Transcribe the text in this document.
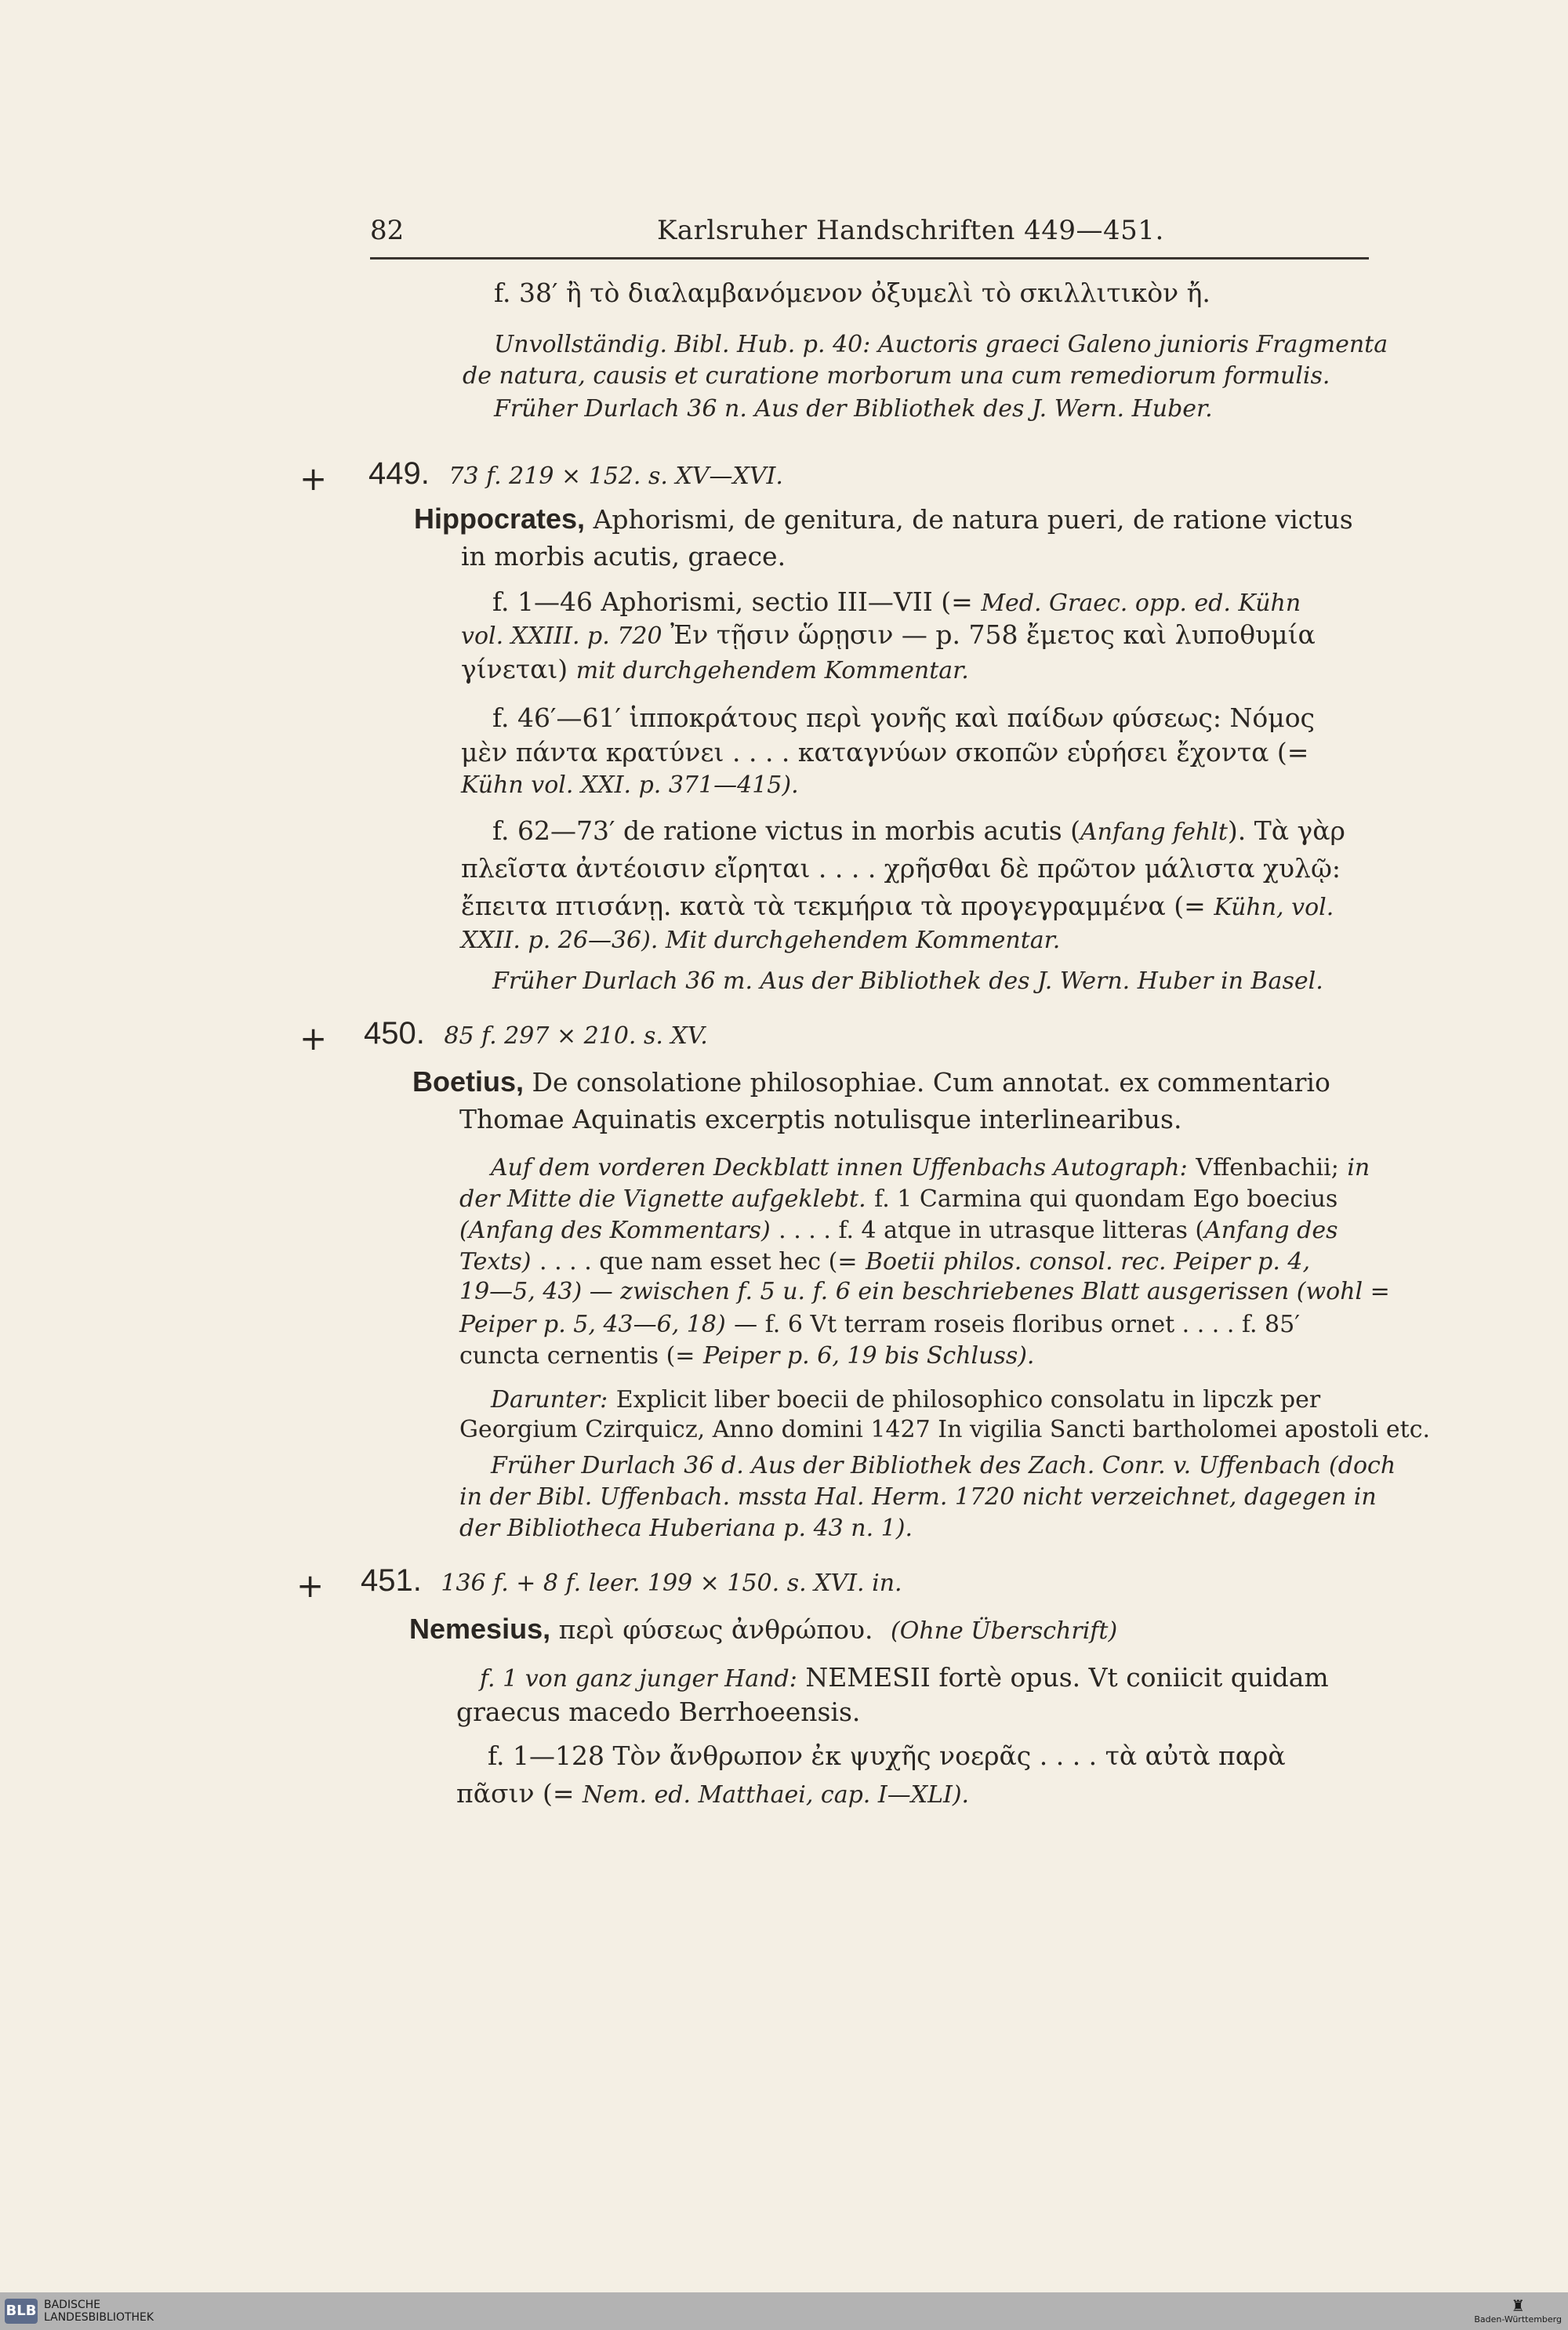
82	Karlsruher Handschriften 449—451.
f. 38′ ἢ τὸ διαλαμβανόμενον ὀξυμελὶ τὸ σκιλλιτικὸν ἤ.
Unvollständig. Bibl. Hub. p. 40: Auctoris graeci Galeno junioris Fragmenta
de natura, causis et curatione morborum una cum remediorum formulis.
Früher Durlach 36 n. Aus der Bibliothek des J. Wern. Huber.
+ 449. 73 f. 219 × 152. s. XV—XVI.
Hippocrates, Aphorismi, de genitura, de natura pueri, de ratione victus
in morbis acutis, graece.
f. 1—46 Aphorismi, sectio III—VII (= Med. Graec. opp. ed. Kühn
vol. XXIII. p. 720 Ἐν τῇσιν ὥρῃσιν — p. 758 ἔμετος καὶ λυποθυμία
γίνεται) mit durchgehendem Kommentar.
f. 46′—61′ ἱπποκράτους περὶ γονῆς καὶ παίδων φύσεως: Νόμος
μὲν πάντα κρατύνει . . . . καταγνύων σκοπῶν εὑρήσει ἔχοντα (=
Kühn vol. XXI. p. 371—415).
f. 62—73′ de ratione victus in morbis acutis (Anfang fehlt). Τὰ γὰρ
πλεῖστα ἀντέοισιν εἴρηται . . . . χρῆσθαι δὲ πρῶτον μάλιστα χυλῷ:
ἔπειτα πτισάνῃ. κατὰ τὰ τεκμήρια τὰ προγεγραμμένα (= Kühn, vol.
XXII. p. 26—36). Mit durchgehendem Kommentar.
Früher Durlach 36 m. Aus der Bibliothek des J. Wern. Huber in Basel.
+ 450. 85 f. 297 × 210. s. XV.
Boetius, De consolatione philosophiae. Cum annotat. ex commentario
Thomae Aquinatis excerptis notulisque interlinearibus.
Auf dem vorderen Deckblatt innen Uffenbachs Autograph: Vffenbachii; in
der Mitte die Vignette aufgeklebt. f. 1 Carmina qui quondam Ego boecius
(Anfang des Kommentars) . . . . f. 4 atque in utrasque litteras (Anfang des
Texts) . . . . que nam esset hec (= Boetii philos. consol. rec. Peiper p. 4,
19—5, 43) — zwischen f. 5 u. f. 6 ein beschriebenes Blatt ausgerissen (wohl =
Peiper p. 5, 43—6, 18) — f. 6 Vt terram roseis floribus ornet . . . . f. 85′
cuncta cernentis (= Peiper p. 6, 19 bis Schluss).
Darunter: Explicit liber boecii de philosophico consolatu in lipczk per
Georgium Czirquicz, Anno domini 1427 In vigilia Sancti bartholomei apostoli etc.
Früher Durlach 36 d. Aus der Bibliothek des Zach. Conr. v. Uffenbach (doch
in der Bibl. Uffenbach. mssta Hal. Herm. 1720 nicht verzeichnet, dagegen in
der Bibliotheca Huberiana p. 43 n. 1).
+ 451. 136 f. + 8 f. leer. 199 × 150. s. XVI. in.
Nemesius, περὶ φύσεως ἀνθρώπου. (Ohne Überschrift)
f. 1 von ganz junger Hand: NEMESII fortè opus. Vt coniicit quidam
graecus macedo Berrhoeensis.
f. 1—128 Τὸν ἄνθρωπον ἐκ ψυχῆς νοερᾶς . . . . τὰ αὐτὰ παρὰ
πᾶσιν (= Nem. ed. Matthaei, cap. I—XLI).
BLB BADISCHE
LANDESBIBLIOTHEK
♜
Baden-Württemberg
